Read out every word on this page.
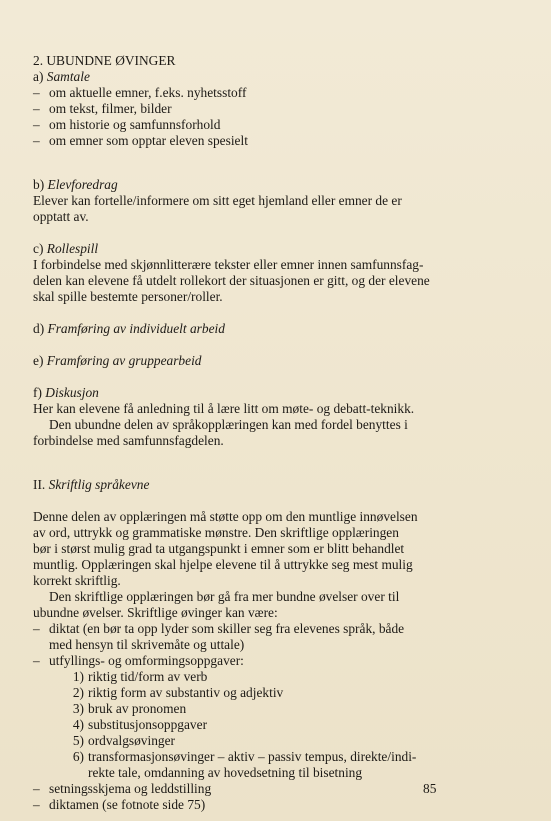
2. UBUNDNE ØVINGER
a) Samtale
– om aktuelle emner, f.eks. nyhetsstoff
– om tekst, filmer, bilder
– om historie og samfunnsforhold
– om emner som opptar eleven spesielt
b) Elevforedrag
Elever kan fortelle/informere om sitt eget hjemland eller emner de er
opptatt av.
c) Rollespill
I forbindelse med skjønnlitterære tekster eller emner innen samfunnsfag-
delen kan elevene få utdelt rollekort der situasjonen er gitt, og der elevene
skal spille bestemte personer/roller.
d) Framføring av individuelt arbeid
e) Framføring av gruppearbeid
f) Diskusjon
Her kan elevene få anledning til å lære litt om møte- og debatt-teknikk.
Den ubundne delen av språkopplæringen kan med fordel benyttes i
forbindelse med samfunnsfagdelen.
II. Skriftlig språkevne
Denne delen av opplæringen må støtte opp om den muntlige innøvelsen
av ord, uttrykk og grammatiske mønstre. Den skriftlige opplæringen
bør i størst mulig grad ta utgangspunkt i emner som er blitt behandlet
muntlig. Opplæringen skal hjelpe elevene til å uttrykke seg mest mulig
korrekt skriftlig.
Den skriftlige opplæringen bør gå fra mer bundne øvelser over til
ubundne øvelser. Skriftlige øvinger kan være:
– diktat (en bør ta opp lyder som skiller seg fra elevenes språk, både
med hensyn til skrivemåte og uttale)
– utfyllings- og omformingsoppgaver:
1) riktig tid/form av verb
2) riktig form av substantiv og adjektiv
3) bruk av pronomen
4) substitusjonsoppgaver
5) ordvalgsøvinger
6) transformasjonsøvinger – aktiv – passiv tempus, direkte/indi-
rekte tale, omdanning av hovedsetning til bisetning
– setningsskjema og leddstilling
– diktamen (se fotnote side 75)
85
